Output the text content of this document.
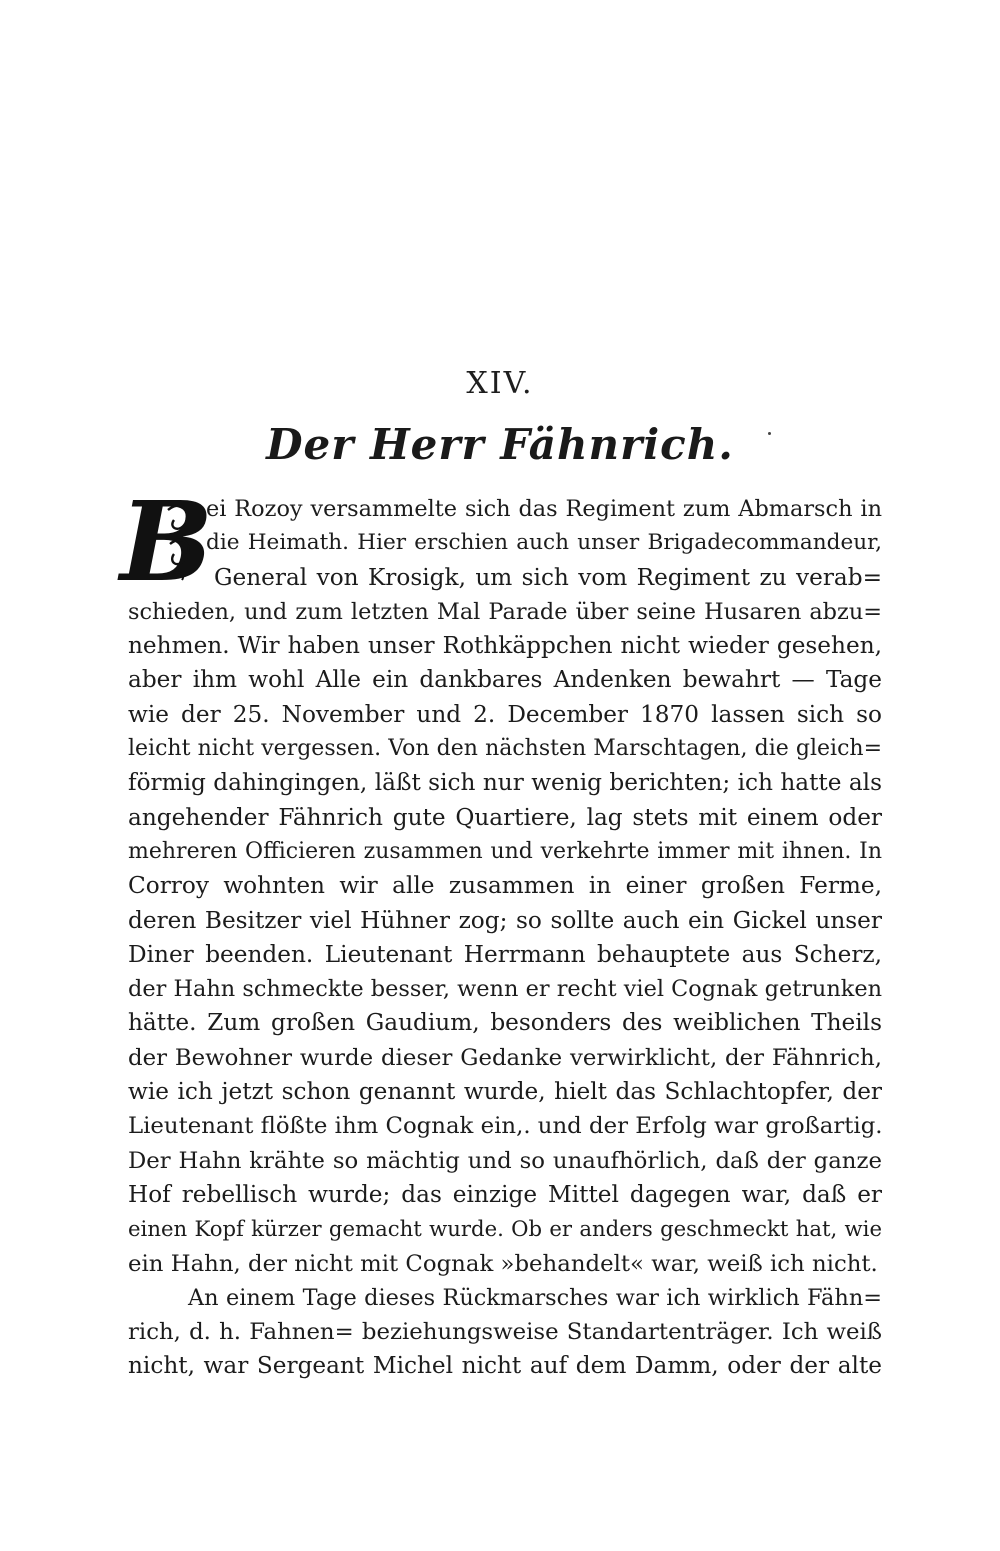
XIV.
Der Herr Fähnrich.
B
ei Rozoy versammelte sich das Regiment zum Abmarsch in
die Heimath. Hier erschien auch unser Brigadecommandeur,
General von Krosigk, um sich vom Regiment zu verab=
schieden, und zum letzten Mal Parade über seine Husaren abzu=
nehmen. Wir haben unser Rothkäppchen nicht wieder gesehen,
aber ihm wohl Alle ein dankbares Andenken bewahrt — Tage
wie der 25. November und 2. December 1870 lassen sich so
leicht nicht vergessen. Von den nächsten Marschtagen, die gleich=
förmig dahingingen, läßt sich nur wenig berichten; ich hatte als
angehender Fähnrich gute Quartiere, lag stets mit einem oder
mehreren Officieren zusammen und verkehrte immer mit ihnen. In
Corroy wohnten wir alle zusammen in einer großen Ferme,
deren Besitzer viel Hühner zog; so sollte auch ein Gickel unser
Diner beenden. Lieutenant Herrmann behauptete aus Scherz,
der Hahn schmeckte besser, wenn er recht viel Cognak getrunken
hätte. Zum großen Gaudium, besonders des weiblichen Theils
der Bewohner wurde dieser Gedanke verwirklicht, der Fähnrich,
wie ich jetzt schon genannt wurde, hielt das Schlachtopfer, der
Lieutenant flößte ihm Cognak ein,. und der Erfolg war großartig.
Der Hahn krähte so mächtig und so unaufhörlich, daß der ganze
Hof rebellisch wurde; das einzige Mittel dagegen war, daß er
einen Kopf kürzer gemacht wurde. Ob er anders geschmeckt hat, wie
ein Hahn, der nicht mit Cognak »behandelt« war, weiß ich nicht.
An einem Tage dieses Rückmarsches war ich wirklich Fähn=
rich, d. h. Fahnen= beziehungsweise Standartenträger. Ich weiß
nicht, war Sergeant Michel nicht auf dem Damm, oder der alte
